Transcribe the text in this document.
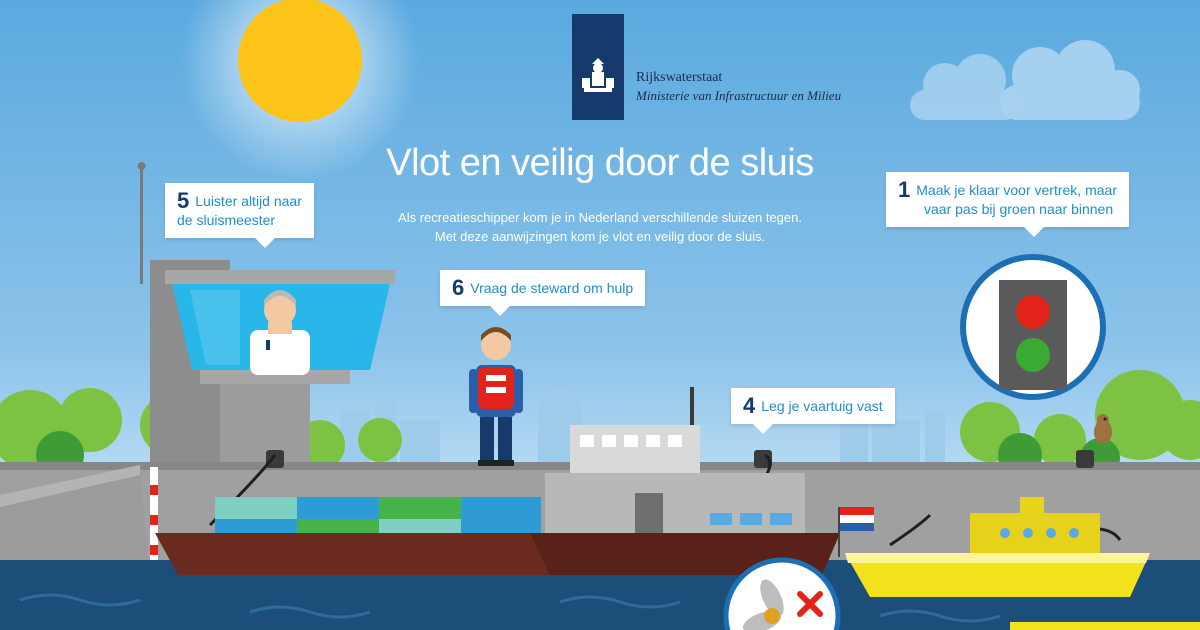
Rijkswaterstaat
Ministerie van Infrastructuur en Milieu
Vlot en veilig door de sluis
Als recreatieschipper kom je in Nederland verschillende sluizen tegen.
Met deze aanwijzingen kom je vlot en veilig door de sluis.
5 Luister altijd naar
de sluismeester
6 Vraag de steward om hulp
4 Leg je vaartuig vast
1 Maak je klaar voor vertrek, maar
vaar pas bij groen naar binnen
